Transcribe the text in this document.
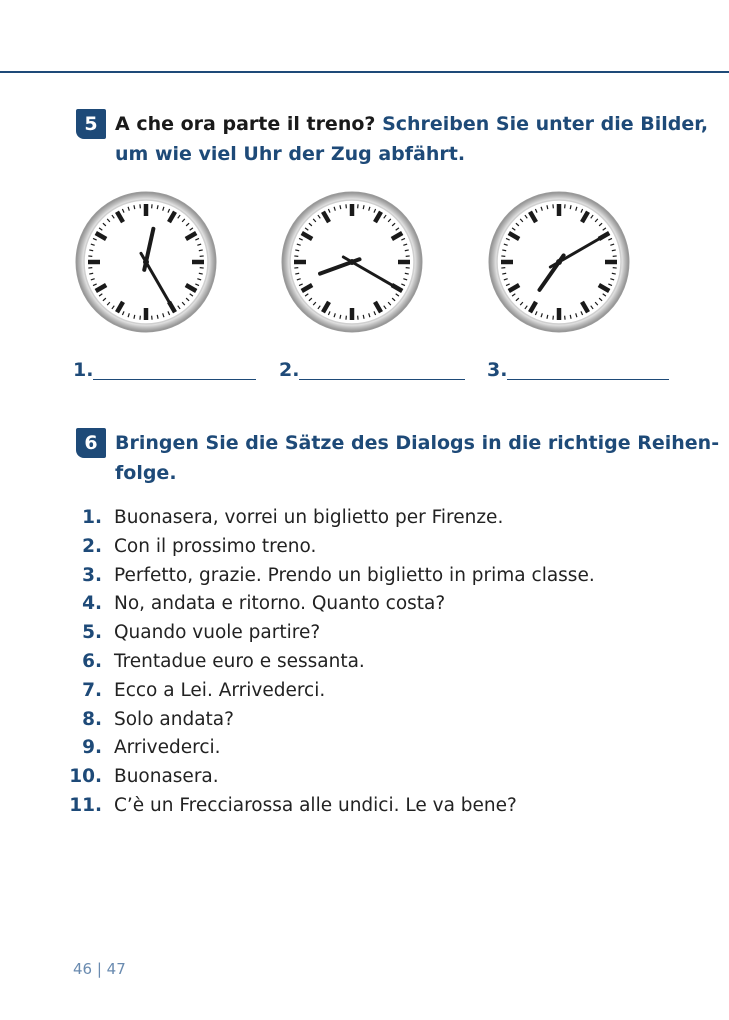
5 A che ora parte il treno? Schreiben Sie unter die Bilder,
um wie viel Uhr der Zug abfährt.
1.	2.	3.
6 Bringen Sie die Sätze des Dialogs in die richtige Reihen-
folge.
1. Buonasera, vorrei un biglietto per Firenze.
2. Con il prossimo treno.
3. Perfetto, grazie. Prendo un biglietto in prima classe.
4. No, andata e ritorno. Quanto costa?
5. Quando vuole partire?
6. Trentadue euro e sessanta.
7. Ecco a Lei. Arrivederci.
8. Solo andata?
9. Arrivederci.
10. Buonasera.
11. C’è un Frecciarossa alle undici. Le va bene?
46 | 47
